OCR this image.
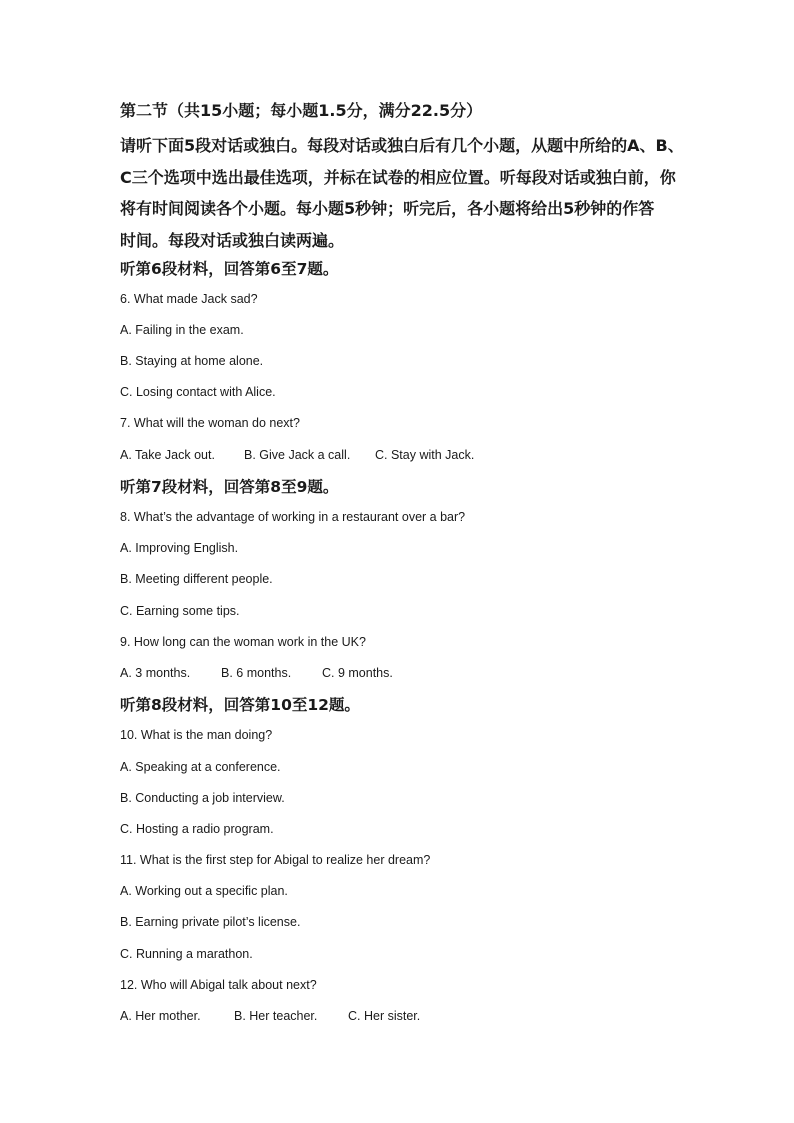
第二节（共15小题；每小题1.5分，满分22.5分）
请听下面5段对话或独白。每段对话或独白后有几个小题，从题中所给的A、B、
C三个选项中选出最佳选项，并标在试卷的相应位置。听每段对话或独白前，你
将有时间阅读各个小题。每小题5秒钟；听完后，各小题将给出5秒钟的作答
时间。每段对话或独白读两遍。
听第6段材料，回答第6至7题。
6. What made Jack sad?
A. Failing in the exam.
B. Staying at home alone.
C. Losing contact with Alice.
7. What will the woman do next?
A. Take Jack out. B. Give Jack a call. C. Stay with Jack.
听第7段材料，回答第8至9题。
8. What’s the advantage of working in a restaurant over a bar?
A. Improving English.
B. Meeting different people.
C. Earning some tips.
9. How long can the woman work in the UK?
A. 3 months. B. 6 months. C. 9 months.
听第8段材料，回答第10至12题。
10. What is the man doing?
A. Speaking at a conference.
B. Conducting a job interview.
C. Hosting a radio program.
11. What is the first step for Abigal to realize her dream?
A. Working out a specific plan.
B. Earning private pilot’s license.
C. Running a marathon.
12. Who will Abigal talk about next?
A. Her mother.	B. Her teacher. C. Her sister.
